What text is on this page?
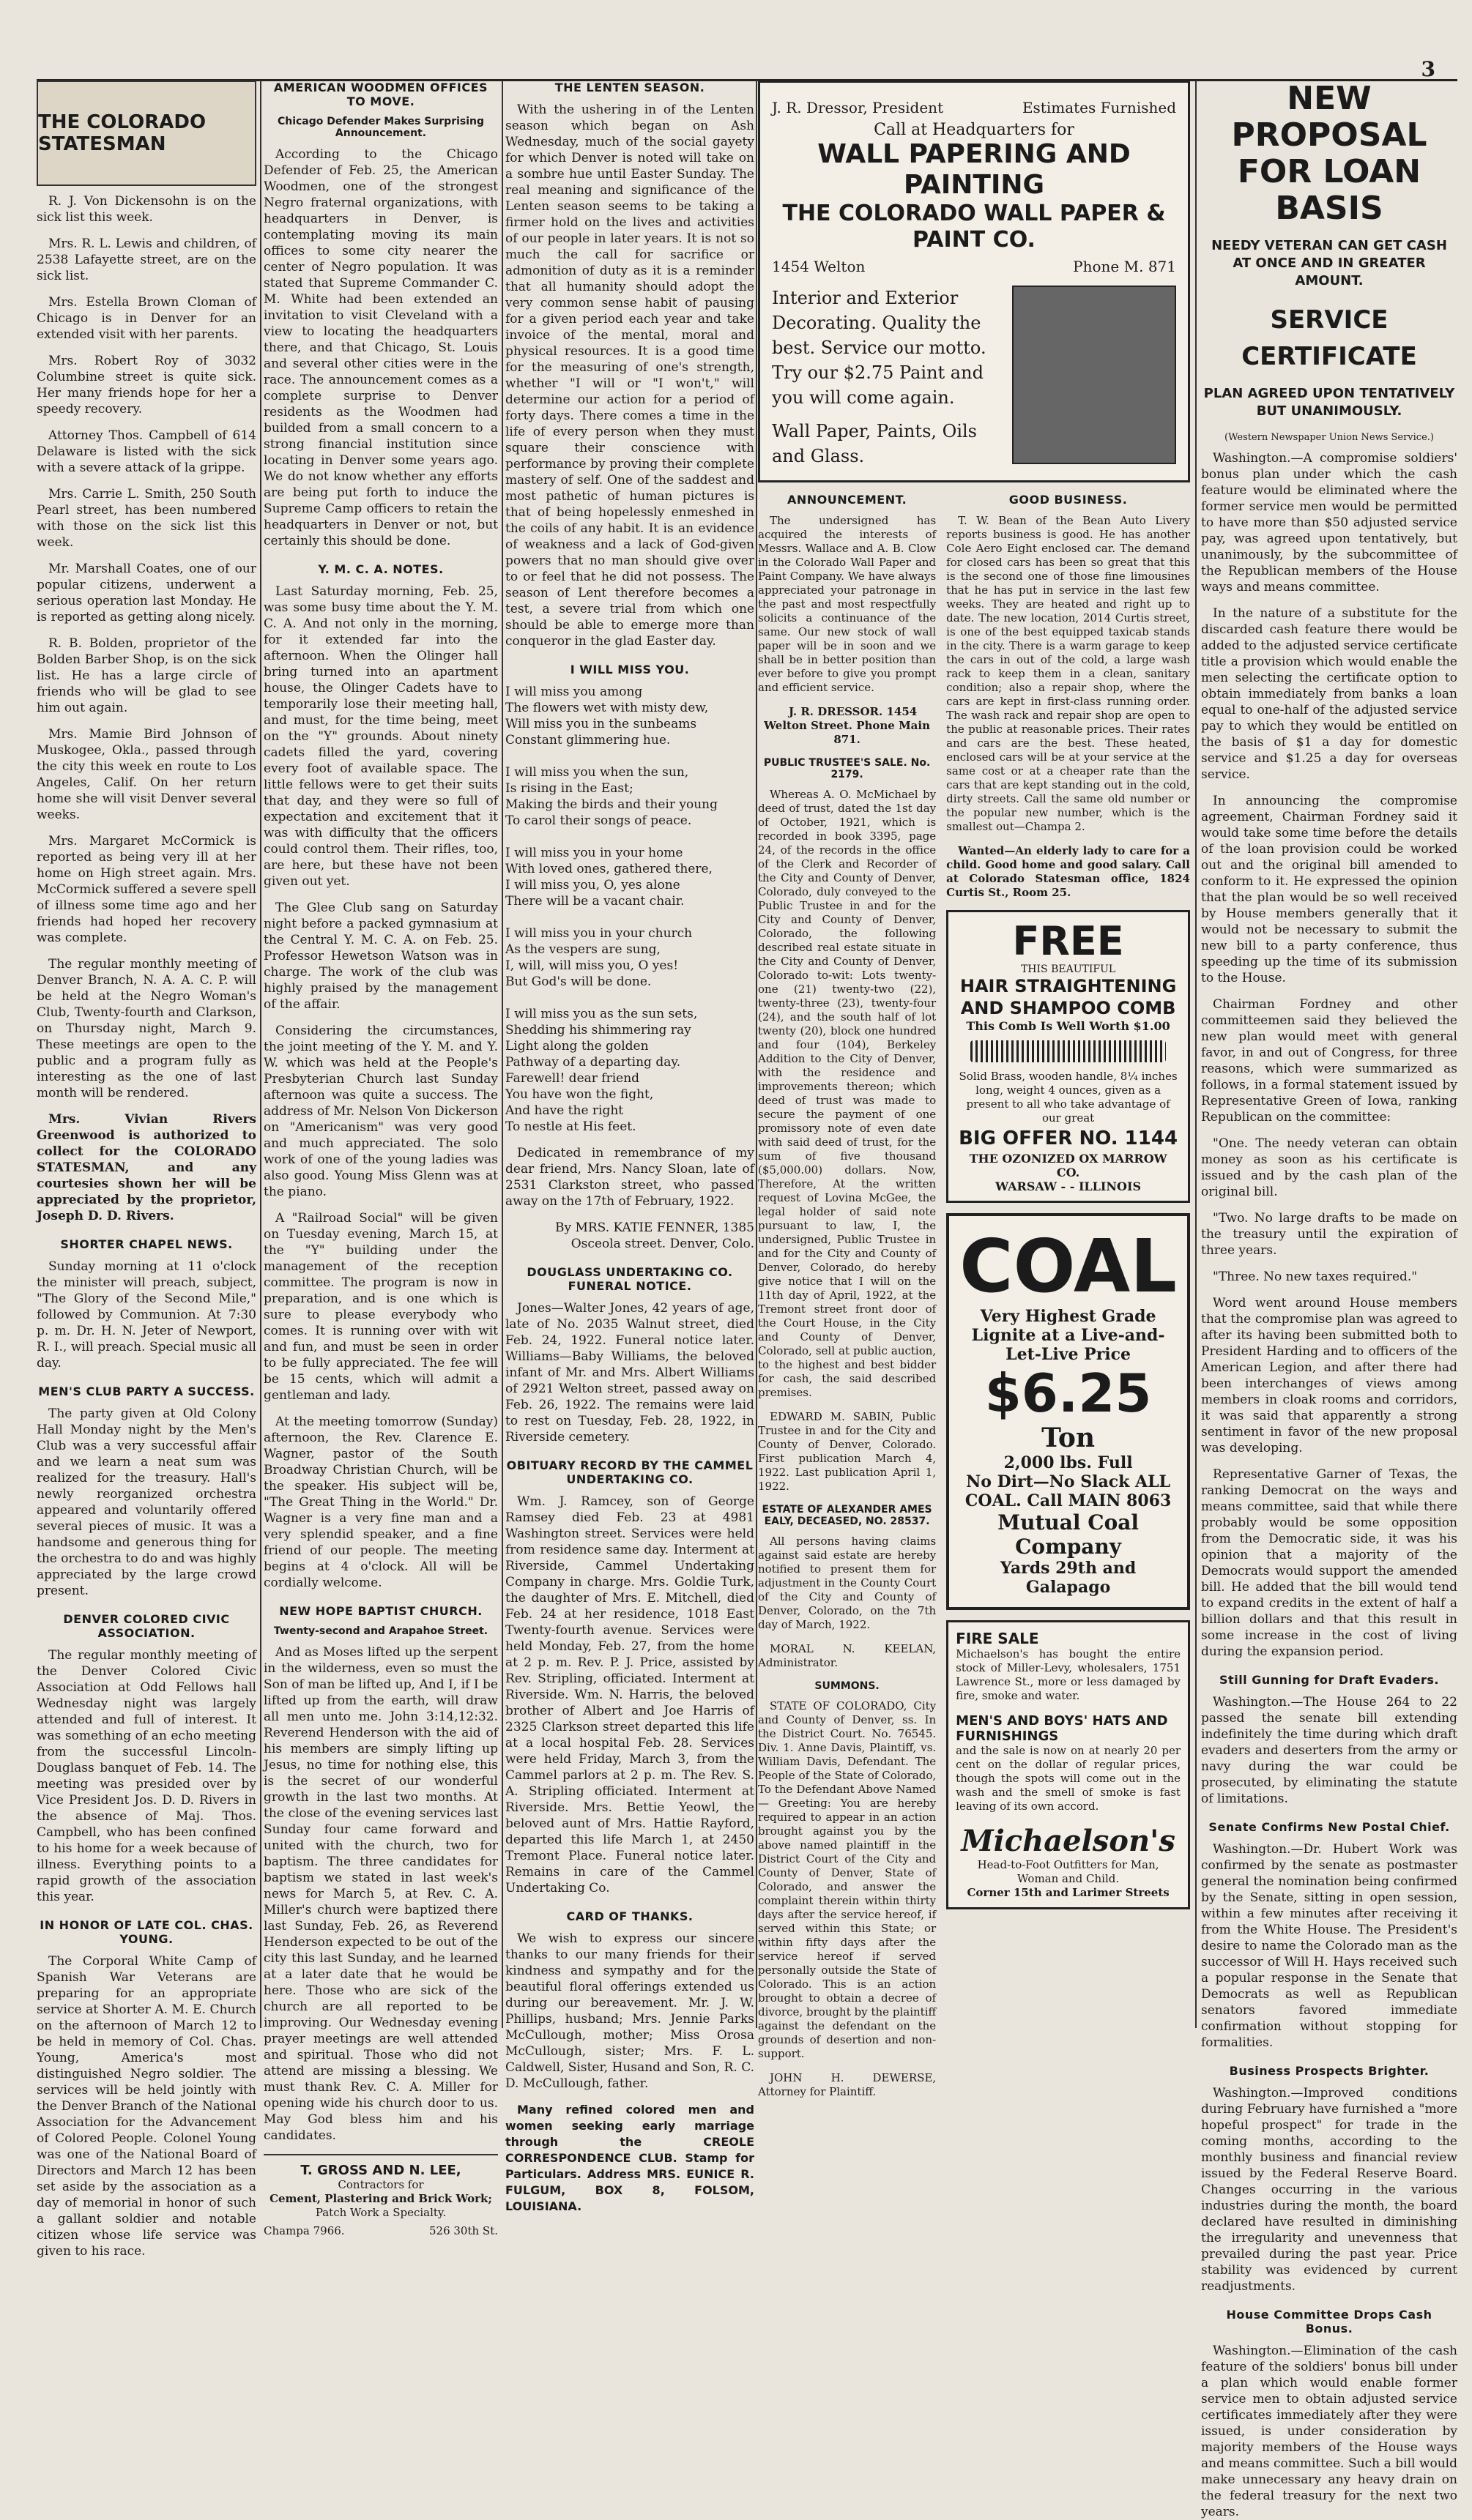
THE COLORADO STATESMAN

R. J. Von Dickensohn is on the sick list this week.

Mrs. R. L. Lewis and children, of 2538 Lafayette street, are on the sick list.

Mrs. Estella Brown Cloman of Chicago is in Denver for an extended visit with her parents.

Mrs. Robert Roy of 3032 Columbine street is quite sick. Her many friends hope for her a speedy recovery.

Attorney Thos. Campbell of 614 Delaware is listed with the sick with a severe attack of la grippe.

Mrs. Carrie L. Smith, 250 South Pearl street, has been numbered with those on the sick list this week.

Mr. Marshall Coates, one of our popular citizens, underwent a serious operation last Monday. He is reported as getting along nicely.

R. B. Bolden, proprietor of the Bolden Barber Shop, is on the sick list. He has a large circle of friends who will be glad to see him out again.

Mrs. Mamie Bird Johnson of Muskogee, Okla., passed through the city this week en route to Los Angeles, Calif. On her return home she will visit Denver several weeks.

Mrs. Margaret McCormick is reported as being very ill at her home on High street again. Mrs. McCormick suffered a severe spell of illness some time ago and her friends had hoped her recovery was complete.

The regular monthly meeting of Denver Branch, N. A. A. C. P. will be held at the Negro Woman's Club, Twenty-fourth and Clarkson, on Thursday night, March 9. These meetings are open to the public and a program fully as interesting as the one of last month will be rendered.

Mrs. Vivian Rivers Greenwood is authorized to collect for the COLORADO STATESMAN, and any courtesies shown her will be appreciated by the proprietor, Joseph D. D. Rivers.

SHORTER CHAPEL NEWS.

Sunday morning at 11 o'clock the minister will preach, subject, "The Glory of the Second Mile," followed by Communion. At 7:30 p. m. Dr. H. N. Jeter of Newport, R. I., will preach. Special music all day.

MEN'S CLUB PARTY A SUCCESS.

The party given at Old Colony Hall Monday night by the Men's Club was a very successful affair and we learn a neat sum was realized for the treasury. Hall's newly reorganized orchestra appeared and voluntarily offered several pieces of music. It was a handsome and generous thing for the orchestra to do and was highly appreciated by the large crowd present.

DENVER COLORED CIVIC ASSOCIATION.

The regular monthly meeting of the Denver Colored Civic Association at Odd Fellows hall Wednesday night was largely attended and full of interest. It was something of an echo meeting from the successful Lincoln-Douglass banquet of Feb. 14. The meeting was presided over by Vice President Jos. D. D. Rivers in the absence of Maj. Thos. Campbell, who has been confined to his home for a week because of illness. Everything points to a rapid growth of the association this year.

IN HONOR OF LATE COL. CHAS. YOUNG.

The Corporal White Camp of Spanish War Veterans are preparing for an appropriate service at Shorter A. M. E. Church on the afternoon of March 12 to be held in memory of Col. Chas. Young, America's most distinguished Negro soldier. The services will be held jointly with the Denver Branch of the National Association for the Advancement of Colored People. Colonel Young was one of the National Board of Directors and March 12 has been set aside by the association as a day of memorial in honor of such a gallant soldier and notable citizen whose life service was given to his race.

AMERICAN WOODMEN OFFICES TO MOVE.
Chicago Defender Makes Surprising Announcement.

According to the Chicago Defender of Feb. 25, the American Woodmen, one of the strongest Negro fraternal organizations, with headquarters in Denver, is contemplating moving its main offices to some city nearer the center of Negro population. It was stated that Supreme Commander C. M. White had been extended an invitation to visit Cleveland with a view to locating the headquarters there, and that Chicago, St. Louis and several other cities were in the race. The announcement comes as a complete surprise to Denver residents as the Woodmen had builded from a small concern to a strong financial institution since locating in Denver some years ago. We do not know whether any efforts are being put forth to induce the Supreme Camp officers to retain the headquarters in Denver or not, but certainly this should be done.

Y. M. C. A. NOTES.

Last Saturday morning, Feb. 25, was some busy time about the Y. M. C. A. And not only in the morning, for it extended far into the afternoon. When the Olinger hall bring turned into an apartment house, the Olinger Cadets have to temporarily lose their meeting hall, and must, for the time being, meet on the "Y" grounds. About ninety cadets filled the yard, covering every foot of available space. The little fellows were to get their suits that day, and they were so full of expectation and excitement that it was with difficulty that the officers could control them. Their rifles, too, are here, but these have not been given out yet.

The Glee Club sang on Saturday night before a packed gymnasium at the Central Y. M. C. A. on Feb. 25. Professor Hewetson Watson was in charge. The work of the club was highly praised by the management of the affair.

Considering the circumstances, the joint meeting of the Y. M. and Y. W. which was held at the People's Presbyterian Church last Sunday afternoon was quite a success. The address of Mr. Nelson Von Dickerson on "Americanism" was very good and much appreciated. The solo work of one of the young ladies was also good. Young Miss Glenn was at the piano.

A "Railroad Social" will be given on Tuesday evening, March 15, at the "Y" building under the management of the reception committee. The program is now in preparation, and is one which is sure to please everybody who comes. It is running over with wit and fun, and must be seen in order to be fully appreciated. The fee will be 15 cents, which will admit a gentleman and lady.

At the meeting tomorrow (Sunday) afternoon, the Rev. Clarence E. Wagner, pastor of the South Broadway Christian Church, will be the speaker. His subject will be, "The Great Thing in the World." Dr. Wagner is a very fine man and a very splendid speaker, and a fine friend of our people. The meeting begins at 4 o'clock. All will be cordially welcome.

NEW HOPE BAPTIST CHURCH.
Twenty-second and Arapahoe Street.

And as Moses lifted up the serpent in the wilderness, even so must the Son of man be lifted up, And I, if I be lifted up from the earth, will draw all men unto me. John 3:14,12:32. Reverend Henderson with the aid of his members are simply lifting up Jesus, no time for nothing else, this is the secret of our wonderful growth in the last two months. At the close of the evening services last Sunday four came forward and united with the church, two for baptism. The three candidates for baptism we stated in last week's news for March 5, at Rev. C. A. Miller's church were baptized there last Sunday, Feb. 26, as Reverend Henderson expected to be out of the city this last Sunday, and he learned at a later date that he would be here. Those who are sick of the church are all reported to be improving. Our Wednesday evening prayer meetings are well attended and spiritual. Those who did not attend are missing a blessing. We must thank Rev. C. A. Miller for opening wide his church door to us. May God bless him and his candidates.

T. GROSS AND N. LEE,
Contractors for
Cement, Plastering and Brick Work;
Patch Work a Specialty.
Champa 7966.	526 30th St.
THE LENTEN SEASON.

With the ushering in of the Lenten season which began on Ash Wednesday, much of the social gayety for which Denver is noted will take on a sombre hue until Easter Sunday. The real meaning and significance of the Lenten season seems to be taking a firmer hold on the lives and activities of our people in later years. It is not so much the call for sacrifice or admonition of duty as it is a reminder that all humanity should adopt the very common sense habit of pausing for a given period each year and take invoice of the mental, moral and physical resources. It is a good time for the measuring of one's strength, whether "I will or "I won't," will determine our action for a period of forty days. There comes a time in the life of every person when they must square their conscience with performance by proving their complete mastery of self. One of the saddest and most pathetic of human pictures is that of being hopelessly enmeshed in the coils of any habit. It is an evidence of weakness and a lack of God-given powers that no man should give over to or feel that he did not possess. The season of Lent therefore becomes a test, a severe trial from which one should be able to emerge more than conqueror in the glad Easter day.

I WILL MISS YOU.
I will miss you among
The flowers wet with misty dew,
Will miss you in the sunbeams
Constant glimmering hue.

I will miss you when the sun,
Is rising in the East;
Making the birds and their young
To carol their songs of peace.

I will miss you in your home
With loved ones, gathered there,
I will miss you, O, yes alone
There will be a vacant chair.

I will miss you in your church
As the vespers are sung,
I, will, will miss you, O yes!
But God's will be done.

I will miss you as the sun sets,
Shedding his shimmering ray
Light along the golden
Pathway of a departing day.
Farewell! dear friend
You have won the fight,
And have the right
To nestle at His feet.

Dedicated in remembrance of my dear friend, Mrs. Nancy Sloan, late of 2531 Clarkston street, who passed away on the 17th of February, 1922.

By MRS. KATIE FENNER, 1385 Osceola street. Denver, Colo.

DOUGLASS UNDERTAKING CO. FUNERAL NOTICE.

Jones—Walter Jones, 42 years of age, late of No. 2035 Walnut street, died Feb. 24, 1922. Funeral notice later. Williams—Baby Williams, the beloved infant of Mr. and Mrs. Albert Williams of 2921 Welton street, passed away on Feb. 26, 1922. The remains were laid to rest on Tuesday, Feb. 28, 1922, in Riverside cemetery.

OBITUARY RECORD BY THE CAMMEL UNDERTAKING CO.

Wm. J. Ramcey, son of George Ramsey died Feb. 23 at 4981 Washington street. Services were held from residence same day. Interment at Riverside, Cammel Undertaking Company in charge. Mrs. Goldie Turk, the daughter of Mrs. E. Mitchell, died Feb. 24 at her residence, 1018 East Twenty-fourth avenue. Services were held Monday, Feb. 27, from the home at 2 p. m. Rev. P. J. Price, assisted by Rev. Stripling, officiated. Interment at Riverside. Wm. N. Harris, the beloved brother of Albert and Joe Harris of 2325 Clarkson street departed this life at a local hospital Feb. 28. Services were held Friday, March 3, from the Cammel parlors at 2 p. m. The Rev. S. A. Stripling officiated. Interment at Riverside. Mrs. Bettie Yeowl, the beloved aunt of Mrs. Hattie Rayford, departed this life March 1, at 2450 Tremont Place. Funeral notice later. Remains in care of the Cammel Undertaking Co.

CARD OF THANKS.

We wish to express our sincere thanks to our many friends for their kindness and sympathy and for the beautiful floral offerings extended us during our bereavement. Mr. J. W. Phillips, husband; Mrs. Jennie Parks McCullough, mother; Miss Orosa McCullough, sister; Mrs. F. L. Caldwell, Sister, Husand and Son, R. C. D. McCullough, father.

Many refined colored men and women seeking early marriage through the CREOLE CORRESPONDENCE CLUB. Stamp for Particulars. Address MRS. EUNICE R. FULGUM, BOX 8, FOLSOM, LOUISIANA.

J. R. Dressor, President	Estimates Furnished
Call at Headquarters for
WALL PAPERING AND PAINTING
THE COLORADO WALL PAPER & PAINT CO.
1454 Welton	Phone M. 871
Interior and Exterior Decorating. Quality the best. Service our motto. Try our $2.75 Paint and you will come again.
Wall Paper, Paints, Oils and Glass.
ANNOUNCEMENT.

The undersigned has acquired the interests of Messrs. Wallace and A. B. Clow in the Colorado Wall Paper and Paint Company. We have always appreciated your patronage in the past and most respectfully solicits a continuance of the same. Our new stock of wall paper will be in soon and we shall be in better position than ever before to give you prompt and efficient service.

J. R. DRESSOR. 1454 Welton Street. Phone Main 871.

PUBLIC TRUSTEE'S SALE. No. 2179.

Whereas A. O. McMichael by deed of trust, dated the 1st day of October, 1921, which is recorded in book 3395, page 24, of the records in the office of the Clerk and Recorder of the City and County of Denver, Colorado, duly conveyed to the Public Trustee in and for the City and County of Denver, Colorado, the following described real estate situate in the City and County of Denver, Colorado to-wit: Lots twenty-one (21) twenty-two (22), twenty-three (23), twenty-four (24), and the south half of lot twenty (20), block one hundred and four (104), Berkeley Addition to the City of Denver, with the residence and improvements thereon; which deed of trust was made to secure the payment of one promissory note of even date with said deed of trust, for the sum of five thousand ($5,000.00) dollars. Now, Therefore, At the written request of Lovina McGee, the legal holder of said note pursuant to law, I, the undersigned, Public Trustee in and for the City and County of Denver, Colorado, do hereby give notice that I will on the 11th day of April, 1922, at the Tremont street front door of the Court House, in the City and County of Denver, Colorado, sell at public auction, to the highest and best bidder for cash, the said described premises.

EDWARD M. SABIN, Public Trustee in and for the City and County of Denver, Colorado. First publication March 4, 1922. Last publication April 1, 1922.

ESTATE OF ALEXANDER AMES EALY, DECEASED, NO. 28537.

All persons having claims against said estate are hereby notified to present them for adjustment in the County Court of the City and County of Denver, Colorado, on the 7th day of March, 1922.

MORAL N. KEELAN, Administrator.

SUMMONS.

STATE OF COLORADO, City and County of Denver, ss. In the District Court. No. 76545. Div. 1. Anne Davis, Plaintiff, vs. William Davis, Defendant. The People of the State of Colorado, To the Defendant Above Named — Greeting: You are hereby required to appear in an action brought against you by the above named plaintiff in the District Court of the City and County of Denver, State of Colorado, and answer the complaint therein within thirty days after the service hereof, if served within this State; or within fifty days after the service hereof if served personally outside the State of Colorado. This is an action brought to obtain a decree of divorce, brought by the plaintiff against the defendant on the grounds of desertion and non-support.

JOHN H. DEWERSE, Attorney for Plaintiff.

GOOD BUSINESS.

T. W. Bean of the Bean Auto Livery reports business is good. He has another Cole Aero Eight enclosed car. The demand for closed cars has been so great that this is the second one of those fine limousines that he has put in service in the last few weeks. They are heated and right up to date. The new location, 2014 Curtis street, is one of the best equipped taxicab stands in the city. There is a warm garage to keep the cars in out of the cold, a large wash rack to keep them in a clean, sanitary condition; also a repair shop, where the cars are kept in first-class running order. The wash rack and repair shop are open to the public at reasonable prices. Their rates and cars are the best. These heated, enclosed cars will be at your service at the same cost or at a cheaper rate than the cars that are kept standing out in the cold, dirty streets. Call the same old number or the popular new number, which is the smallest out—Champa 2.

Wanted—An elderly lady to care for a child. Good home and good salary. Call at Colorado Statesman office, 1824 Curtis St., Room 25.

FREE
THIS BEAUTIFUL
HAIR STRAIGHTENING AND SHAMPOO COMB
This Comb Is Well Worth $1.00
Solid Brass, wooden handle, 8¼ inches long, weight 4 ounces, given as a present to all who take advantage of our great
BIG OFFER NO. 1144
THE OZONIZED OX MARROW CO.
WARSAW - - ILLINOIS
COAL
Very Highest Grade Lignite at a Live-and-Let-Live Price
$6.25 Ton
2,000 lbs. Full
No Dirt—No Slack ALL COAL. Call MAIN 8063
Mutual Coal Company
Yards 29th and Galapago
FIRE SALE

Michaelson's has bought the entire stock of Miller-Levy, wholesalers, 1751 Lawrence St., more or less damaged by fire, smoke and water.

MEN'S AND BOYS' HATS AND FURNISHINGS

and the sale is now on at nearly 20 per cent on the dollar of regular prices, though the spots will come out in the wash and the smell of smoke is fast leaving of its own accord.

Michaelson's
Head-to-Foot Outfitters for Man, Woman and Child.
Corner 15th and Larimer Streets
NEW PROPOSAL FOR LOAN BASIS
NEEDY VETERAN CAN GET CASH AT ONCE AND IN GREATER AMOUNT.
SERVICE CERTIFICATE
PLAN AGREED UPON TENTATIVELY BUT UNANIMOUSLY.
(Western Newspaper Union News Service.)

Washington.—A compromise soldiers' bonus plan under which the cash feature would be eliminated where the former service men would be permitted to have more than $50 adjusted service pay, was agreed upon tentatively, but unanimously, by the subcommittee of the Republican members of the House ways and means committee.

In the nature of a substitute for the discarded cash feature there would be added to the adjusted service certificate title a provision which would enable the men selecting the certificate option to obtain immediately from banks a loan equal to one-half of the adjusted service pay to which they would be entitled on the basis of $1 a day for domestic service and $1.25 a day for overseas service.

In announcing the compromise agreement, Chairman Fordney said it would take some time before the details of the loan provision could be worked out and the original bill amended to conform to it. He expressed the opinion that the plan would be so well received by House members generally that it would not be necessary to submit the new bill to a party conference, thus speeding up the time of its submission to the House.

Chairman Fordney and other committeemen said they believed the new plan would meet with general favor, in and out of Congress, for three reasons, which were summarized as follows, in a formal statement issued by Representative Green of Iowa, ranking Republican on the committee:

"One. The needy veteran can obtain money as soon as his certificate is issued and by the cash plan of the original bill.

"Two. No large drafts to be made on the treasury until the expiration of three years.

"Three. No new taxes required."

Word went around House members that the compromise plan was agreed to after its having been submitted both to President Harding and to officers of the American Legion, and after there had been interchanges of views among members in cloak rooms and corridors, it was said that apparently a strong sentiment in favor of the new proposal was developing.

Representative Garner of Texas, the ranking Democrat on the ways and means committee, said that while there probably would be some opposition from the Democratic side, it was his opinion that a majority of the Democrats would support the amended bill. He added that the bill would tend to expand credits in the extent of half a billion dollars and that this result in some increase in the cost of living during the expansion period.

Still Gunning for Draft Evaders.

Washington.—The House 264 to 22 passed the senate bill extending indefinitely the time during which draft evaders and deserters from the army or navy during the war could be prosecuted, by eliminating the statute of limitations.

Senate Confirms New Postal Chief.

Washington.—Dr. Hubert Work was confirmed by the senate as postmaster general the nomination being confirmed by the Senate, sitting in open session, within a few minutes after receiving it from the White House. The President's desire to name the Colorado man as the successor of Will H. Hays received such a popular response in the Senate that Democrats as well as Republican senators favored immediate confirmation without stopping for formalities.

Business Prospects Brighter.

Washington.—Improved conditions during February have furnished a "more hopeful prospect" for trade in the coming months, according to the monthly business and financial review issued by the Federal Reserve Board. Changes occurring in the various industries during the month, the board declared have resulted in diminishing the irregularity and unevenness that prevailed during the past year. Price stability was evidenced by current readjustments.

House Committee Drops Cash Bonus.

Washington.—Elimination of the cash feature of the soldiers' bonus bill under a plan which would enable former service men to obtain adjusted service certificates immediately after they were issued, is under consideration by majority members of the House ways and means committee. Such a bill would make unnecessary any heavy drain on the federal treasury for the next two years.

3
